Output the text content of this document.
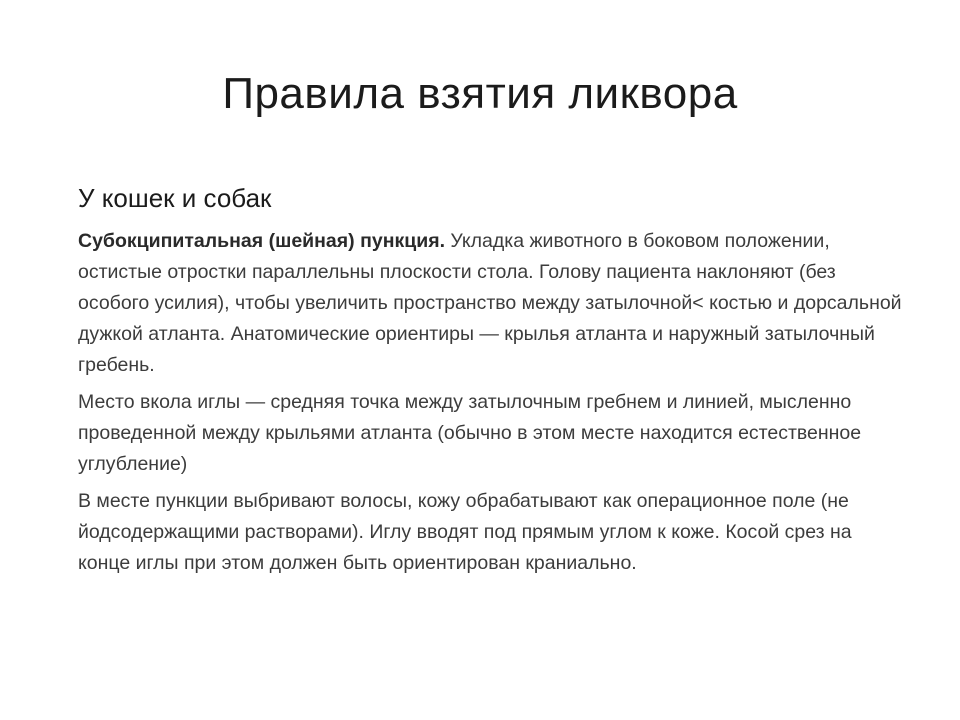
Правила взятия ликвора
У кошек и собак

Субокципитальная (шейная) пункция. Укладка животного в боковом положении, остистые отростки параллельны плоскости стола. Голову пациента наклоняют (без особого усилия), чтобы увеличить пространство между затылочной< костью и дорсальной дужкой атланта. Анатомические ориентиры — крылья атланта и наружный затылочный гребень.

Место вкола иглы — средняя точка между затылочным гребнем и линией, мысленно проведенной между крыльями атланта (обычно в этом месте находится естественное углубление)

В месте пункции выбривают волосы, кожу обрабатывают как операционное поле (не йодсодержащими растворами). Иглу вводят под прямым углом к коже. Косой срез на конце иглы при этом должен быть ориентирован краниально.
